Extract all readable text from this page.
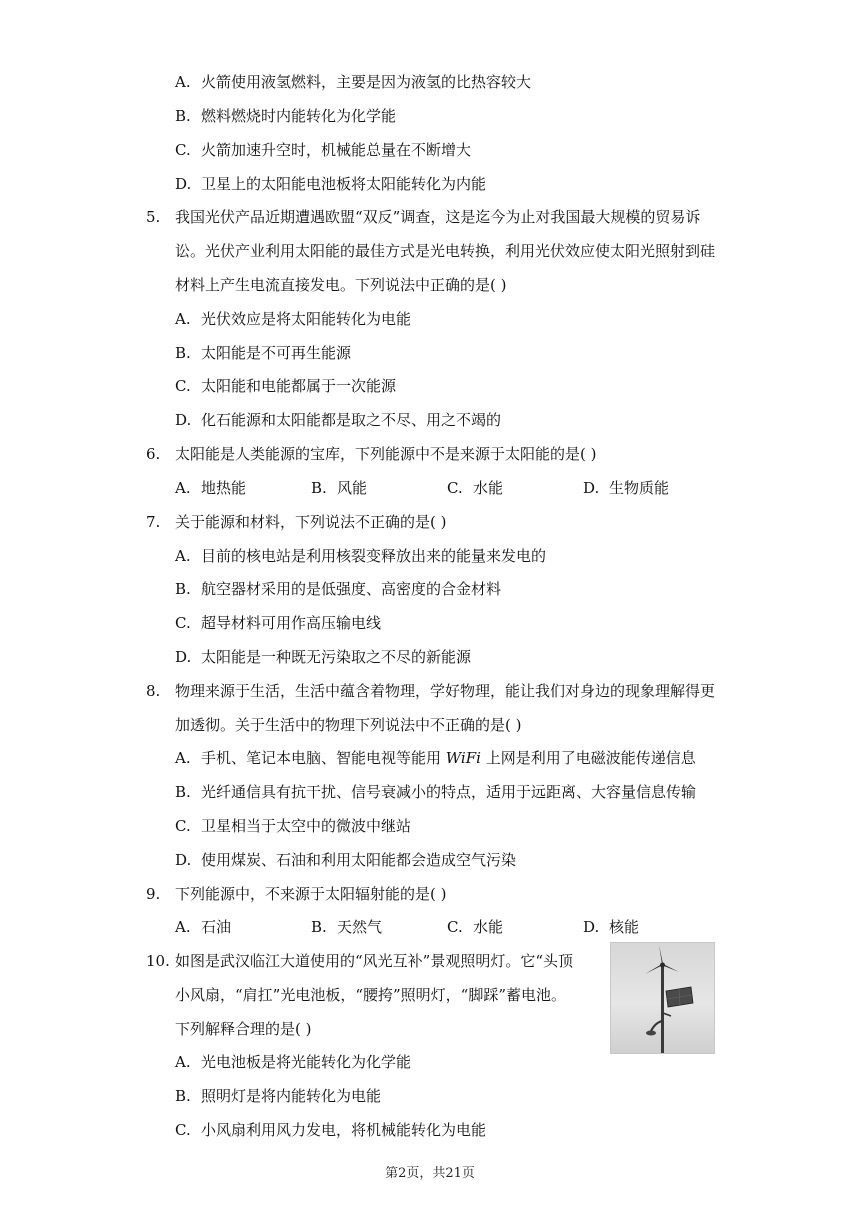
A. 火箭使用液氢燃料，主要是因为液氢的比热容较大
B. 燃料燃烧时内能转化为化学能
C. 火箭加速升空时，机械能总量在不断增大
D. 卫星上的太阳能电池板将太阳能转化为内能
5. 我国光伏产品近期遭遇欧盟“双反”调查，这是迄今为止对我国最大规模的贸易诉
讼。光伏产业利用太阳能的最佳方式是光电转换，利用光伏效应使太阳光照射到硅
材料上产生电流直接发电。下列说法中正确的是( )
A. 光伏效应是将太阳能转化为电能
B. 太阳能是不可再生能源
C. 太阳能和电能都属于一次能源
D. 化石能源和太阳能都是取之不尽、用之不竭的
6. 太阳能是人类能源的宝库，下列能源中不是来源于太阳能的是( )
A. 地热能	B. 风能	C. 水能	D. 生物质能
7. 关于能源和材料，下列说法不正确的是( )
A. 目前的核电站是利用核裂变释放出来的能量来发电的
B. 航空器材采用的是低强度、高密度的合金材料
C. 超导材料可用作高压输电线
D. 太阳能是一种既无污染取之不尽的新能源
8. 物理来源于生活，生活中蕴含着物理，学好物理，能让我们对身边的现象理解得更
加透彻。关于生活中的物理下列说法中不正确的是( )
A. 手机、笔记本电脑、智能电视等能用 WiFi 上网是利用了电磁波能传递信息
B. 光纤通信具有抗干扰、信号衰减小的特点，适用于远距离、大容量信息传输
C. 卫星相当于太空中的微波中继站
D. 使用煤炭、石油和利用太阳能都会造成空气污染
9. 下列能源中，不来源于太阳辐射能的是( )
A. 石油	B. 天然气	C. 水能	D. 核能
10. 如图是武汉临江大道使用的“风光互补”景观照明灯。它“头顶
小风扇，“肩扛”光电池板，“腰挎”照明灯，“脚踩”蓄电池。
下列解释合理的是( )
A. 光电池板是将光能转化为化学能
B. 照明灯是将内能转化为电能
C. 小风扇利用风力发电，将机械能转化为电能
第2页，共21页
